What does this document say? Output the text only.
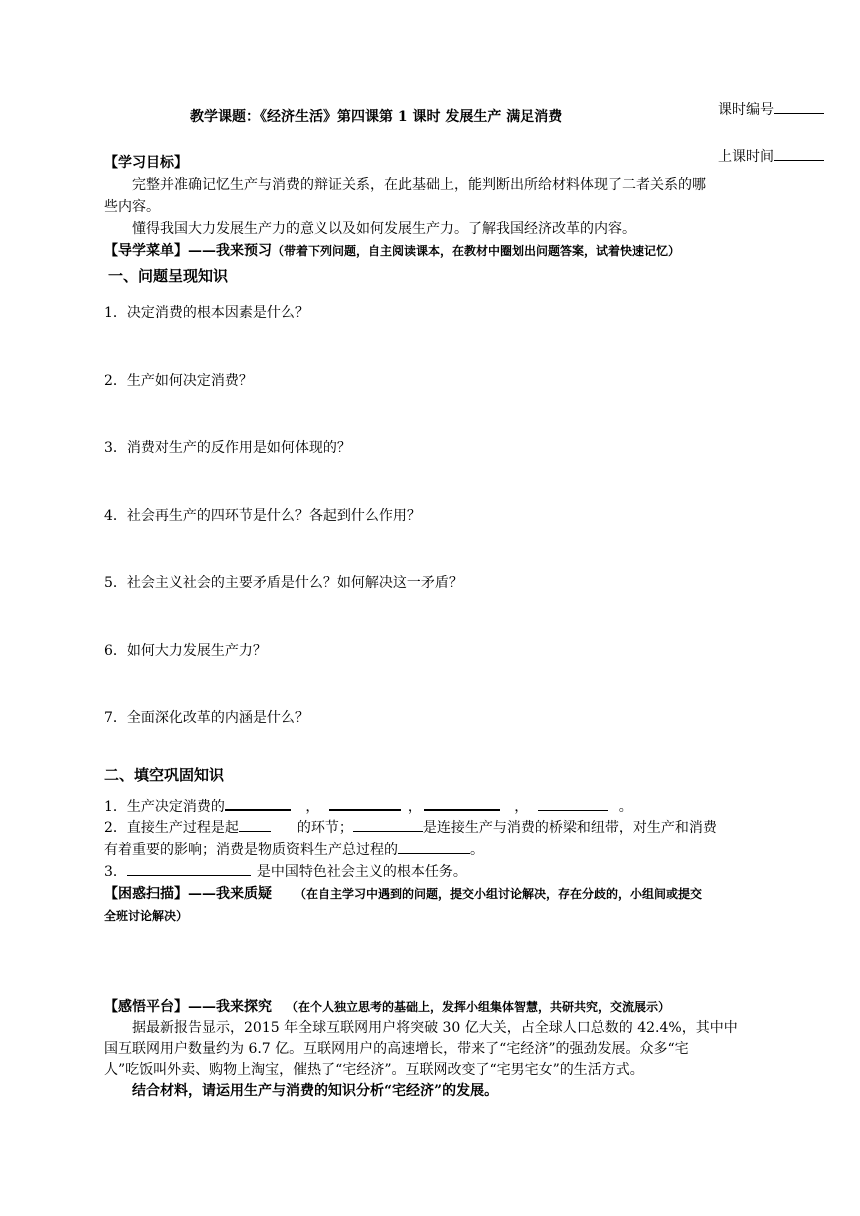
教学课题：《经济生活》第四课第 1 课时 发展生产 满足消费	课时编号
上课时间
【学习目标】
完整并准确记忆生产与消费的辩证关系，在此基础上，能判断出所给材料体现了二者关系的哪
些内容。
懂得我国大力发展生产力的意义以及如何发展生产力。了解我国经济改革的内容。
【导学菜单】——我来预习（带着下列问题，自主阅读课本，在教材中圈划出问题答案，试着快速记忆）
一、问题呈现知识
1．决定消费的根本因素是什么？
2．生产如何决定消费？
3．消费对生产的反作用是如何体现的？
4．社会再生产的四环节是什么？各起到什么作用？
5．社会主义社会的主要矛盾是什么？如何解决这一矛盾？
6．如何大力发展生产力？
7．全面深化改革的内涵是什么？
二、填空巩固知识
1．生产决定消费的	，	，	，	。
2．直接生产过程是起	的环节；	是连接生产与消费的桥梁和纽带，对生产和消费
有着重要的影响；消费是物质资料生产总过程的	。
3．	是中国特色社会主义的根本任务。
【困惑扫描】——我来质疑 （在自主学习中遇到的问题，提交小组讨论解决，存在分歧的，小组间或提交
全班讨论解决）
【感悟平台】——我来探究 （在个人独立思考的基础上，发挥小组集体智慧，共研共究，交流展示）
据最新报告显示，2015 年全球互联网用户将突破 30 亿大关，占全球人口总数的 42.4%，其中中
国互联网用户数量约为 6.7 亿。互联网用户的高速增长，带来了“宅经济”的强劲发展。众多“宅
人”吃饭叫外卖、购物上淘宝，催热了“宅经济”。互联网改变了“宅男宅女”的生活方式。
结合材料，请运用生产与消费的知识分析“宅经济”的发展。
